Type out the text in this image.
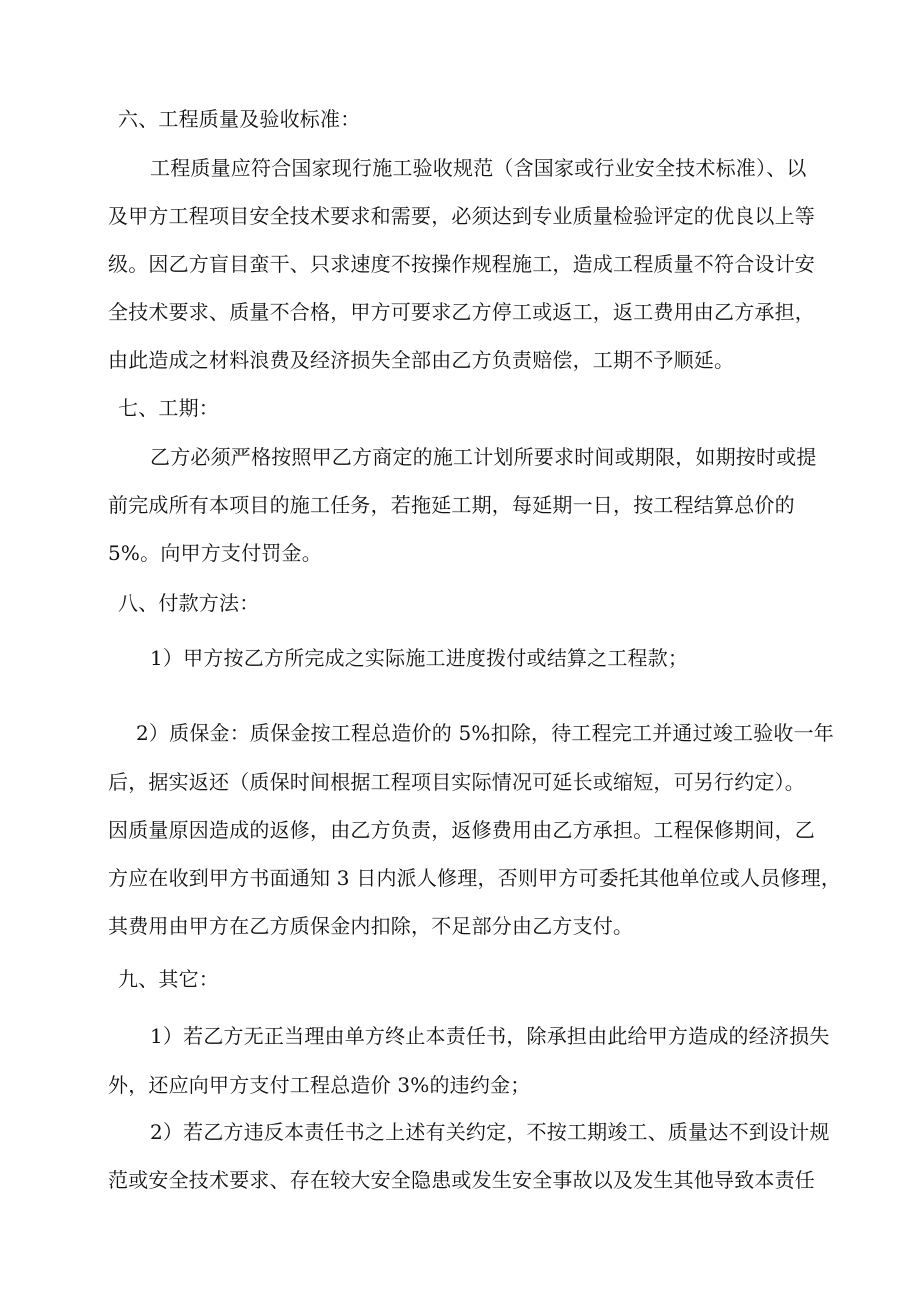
六、工程质量及验收标准：
工程质量应符合国家现行施工验收规范（含国家或行业安全技术标准）、以
及甲方工程项目安全技术要求和需要，必须达到专业质量检验评定的优良以上等
级。因乙方盲目蛮干、只求速度不按操作规程施工，造成工程质量不符合设计安
全技术要求、质量不合格，甲方可要求乙方停工或返工，返工费用由乙方承担，
由此造成之材料浪费及经济损失全部由乙方负责赔偿，工期不予顺延。
七、工期：
乙方必须严格按照甲乙方商定的施工计划所要求时间或期限，如期按时或提
前完成所有本项目的施工任务，若拖延工期，每延期一日，按工程结算总价的
5%。向甲方支付罚金。
八、付款方法：
1）甲方按乙方所完成之实际施工进度拨付或结算之工程款；
2）质保金：质保金按工程总造价的 5%扣除，待工程完工并通过竣工验收一年
后，据实返还（质保时间根据工程项目实际情况可延长或缩短，可另行约定）。
因质量原因造成的返修，由乙方负责，返修费用由乙方承担。工程保修期间，乙
方应在收到甲方书面通知 3 日内派人修理，否则甲方可委托其他单位或人员修理，
其费用由甲方在乙方质保金内扣除，不足部分由乙方支付。
九、其它：
1）若乙方无正当理由单方终止本责任书，除承担由此给甲方造成的经济损失
外，还应向甲方支付工程总造价 3%的违约金；
2）若乙方违反本责任书之上述有关约定，不按工期竣工、质量达不到设计规
范或安全技术要求、存在较大安全隐患或发生安全事故以及发生其他导致本责任
